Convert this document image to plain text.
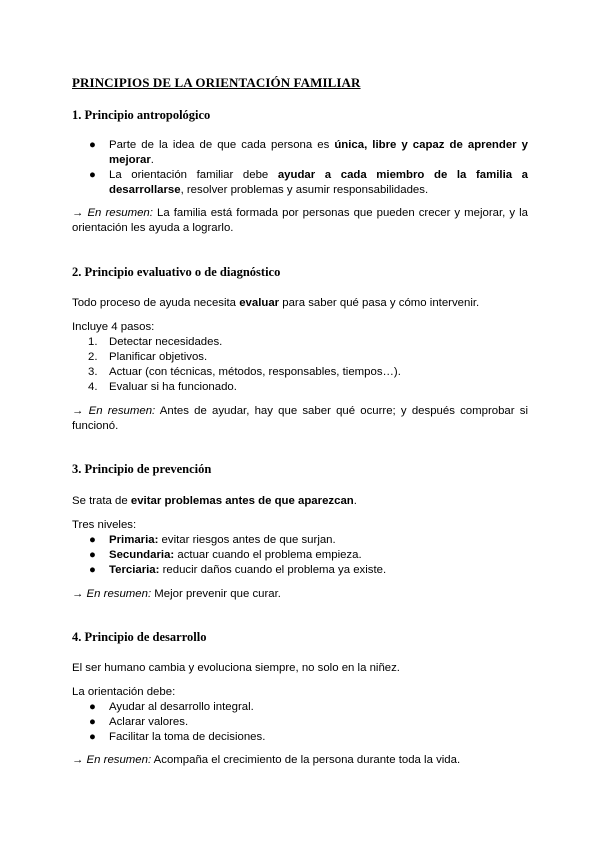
PRINCIPIOS DE LA ORIENTACIÓN FAMILIAR
1. Principio antropológico
● Parte de la idea de que cada persona es única, libre y capaz de aprender y mejorar.
● La orientación familiar debe ayudar a cada miembro de la familia a desarrollarse, resolver problemas y asumir responsabilidades.
→ En resumen: La familia está formada por personas que pueden crecer y mejorar, y la orientación les ayuda a lograrlo.
2. Principio evaluativo o de diagnóstico
Todo proceso de ayuda necesita evaluar para saber qué pasa y cómo intervenir.
Incluye 4 pasos:
1. Detectar necesidades.
2. Planificar objetivos.
3. Actuar (con técnicas, métodos, responsables, tiempos…).
4. Evaluar si ha funcionado.
→ En resumen: Antes de ayudar, hay que saber qué ocurre; y después comprobar si funcionó.
3. Principio de prevención
Se trata de evitar problemas antes de que aparezcan.
Tres niveles:
● Primaria: evitar riesgos antes de que surjan.
● Secundaria: actuar cuando el problema empieza.
● Terciaria: reducir daños cuando el problema ya existe.
→ En resumen: Mejor prevenir que curar.
4. Principio de desarrollo
El ser humano cambia y evoluciona siempre, no solo en la niñez.
La orientación debe:
● Ayudar al desarrollo integral.
● Aclarar valores.
● Facilitar la toma de decisiones.
→ En resumen: Acompaña el crecimiento de la persona durante toda la vida.
